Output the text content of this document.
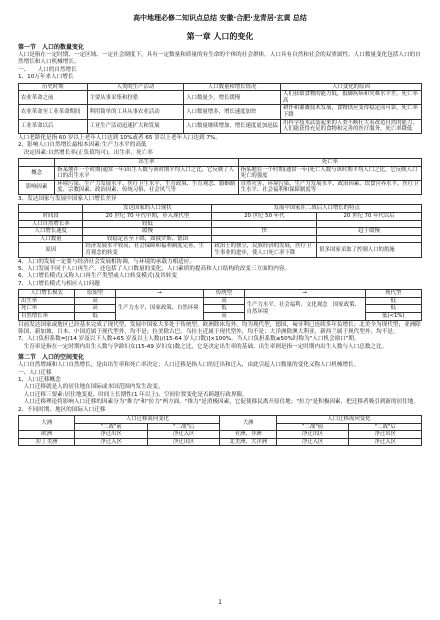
高中地理必修二知识点总结 安徽·合肥·龙青居·玄黄 总结
第一章 人口的变化
第一节　人口的数量变化
人口是指在一定时期、一定区域、一定社会制度下，具有一定数量和质量的有生命的个体的社会群体。人口具有自然和社会的双重属性。人口数量变化包括人口的自然增长和人口机械增长。
一、　　人口的自然增长
1、10万年来人口增长
历史时期	人类的生产活动	人口数量和增长情况	人口变化的原因
农业革命之前	主要从事采集和狩猎	人口数量少，增长缓慢	人们获取食物的能力低，抵御疾病和灾难水平差，死亡率高
农业革命至工业革命期间	利用简单的工具从事农业活动	人口数量增多，增长速度加快	耕作和灌溉技术发展，食物供应变得稳定而可靠，死亡率下降
工业革命以后	工业生产活动迅速扩大和发展	人口数量继续增加，增长速度更加迅猛	用科学技术武装起来的人类不断壮大着改造自然的能力，人们能获得充足的食物和完善的医疗服务，死亡率降低
人口老龄化是指 60 岁以上老年人口达到 10%或者 65 岁以上老年人口达到 7%。
2、影响人口自然增长最根本因素:生产力水平的高低
　决定因素:自然增长率(正负值均可)、出生率、死亡率
	出生率	死亡率
概念	指某地在一个时期(通常一年)出生人数与该时期平均人口之比，它反映了人口的出生水平	指某地在一个时期(通常一年)死亡人数与该时期平均人口之比，它反映人口死亡的强度
影响因素	环境污染、生产力发展水平、医疗卫生水平、生育政策、生育观念、婚姻制度、宗教因素、政治因素、传统习俗、社会风气等	自然灾害、环境污染、生产力发展水平、政治因素、饮食营养水平、医疗卫生水平、社会福利和保障制度等
3、发达国家与发展中国家人口增长差异
	发达国家的人口现状	发展中国家在二战后人口增长的特点	
时间段	20 世纪 70 年代中期，步入现代型	20 世纪 50 年代	20 世纪 70 年代以后
人口自然增长率	较低		
人口增长速度	缓慢	快	趋于缓慢
人口数量	较稳定甚至下降，如俄罗斯、德国		
原因	经济发展水平较高，社会保障和福利制度完善，生育观念的转变	政治上的独立，民族经济的发展，医疗卫生事业的进步，使人口死亡率下降	很多国家采取了控制人口的措施
4、人口的发展一定要与经济社会发展相协调，与环境的承载力相适应。
5、人口发展不同于人口再生产，还包括了人口数量的变化，人口素质的提高和人口结构的改变三方面的内容。
6、人口增长模式(又称人口再生产类型或人口转变模式)及其转变
7、人口增长模式与相应人口问题
人口增长模式	原始型	→	传统型	→	现代型
出生率	高	生产力水平、国家政策、自然环境	高	生产力水平、社会福利、文化观念　国家政策、自然环境	低
死亡率	高		低		低
自然增长率	低		高		低(<1%)
目前发达国家或地区已经基本完成了现代型，发展中国家大多处于传统型。欧洲除冰岛外，均为现代型，德国，匈牙利已连续多年负增长；北美全为现代型；亚洲除韩国、新加坡、日本、中国近属于现代型外，均不是；拉美除古巴、乌拉圭近属于现代型外，均不是；大洋洲除澳大利亚、新西兰属于现代型外，均不是。
7、人口负担系数=[(14 岁及以下人数+65 岁及以上人数)/(15-64 岁人口数)]×100%。当人口负担系数≤50%时称为"人口机会窗口"期。
　生育率是指在一定时期内出生人数与孕龄妇女(15-49 岁妇女)数之比，它是决定出生率的基础。出生率则是指一定时期内出生人数与人口总数之比。
第二节　人口的空间变化
人口自然增减和人口自然增长，是由出生率和死亡率决定；人口迁移是指人口的迁出和迁入，由此引起人口数量的变化又称人口机械增长。
一、人口迁移
1、人口迁移概念
　人口迁移就是人的居住地在国际或本国范围内发生改变。
　人口迁移三要素:居住地变更、时间上长期性(1 年以上)、空间位置变化是否跨越行政界限。
　人口迁移理论将影响人口迁移的因素分为"推力"和"拉力"两方面。"推力"是消极因素，它促使移民离开原住地；"拉力"是积极因素，把迁移者吸引到新的居住地。
2、不同时期、地区的国际人口迁移
大洲	人口迁移流向变化		大洲	人口迁移流向变化	
	"二战"前	"二战"后		"二战"前	"二战"后
欧洲	净迁出区	净迁入区	亚洲、非洲	净迁出区	净迁出区
拉丁美洲	净迁入区	净迁出区	北美洲、大洋洲	净迁入区	净迁入区
1
